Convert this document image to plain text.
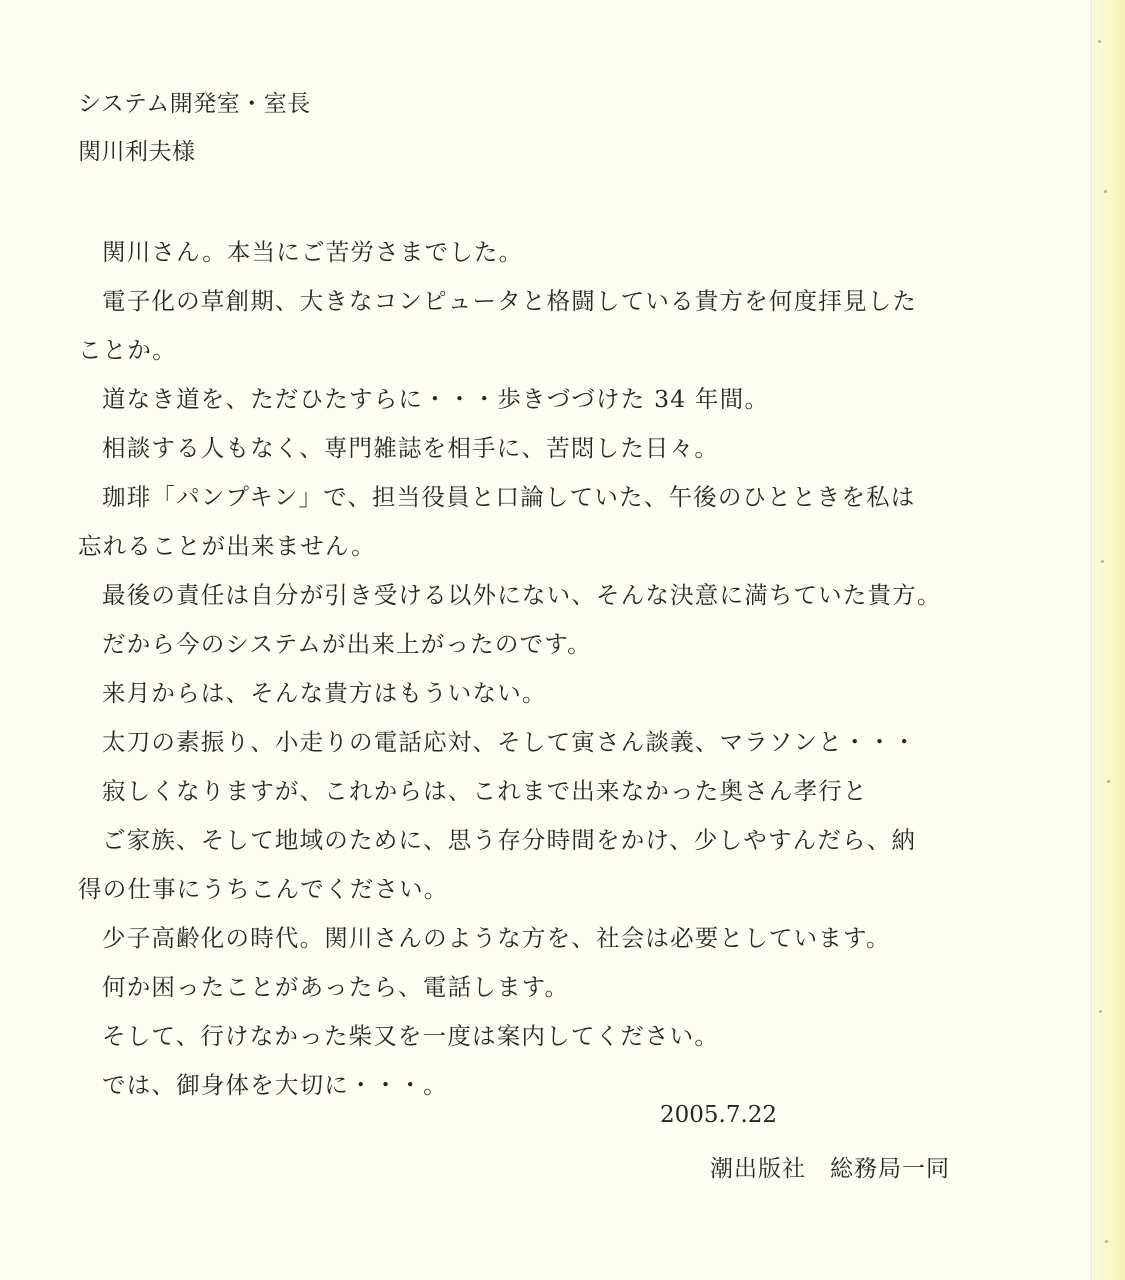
システム開発室・室長
関川利夫様

関川さん。本当にご苦労さまでした。

電子化の草創期、大きなコンピュータと格闘している貴方を何度拝見した

ことか。

道なき道を、ただひたすらに・・・歩きづづけた 34 年間。

相談する人もなく、専門雑誌を相手に、苦悶した日々。

珈琲「パンプキン」で、担当役員と口論していた、午後のひとときを私は

忘れることが出来ません。

最後の責任は自分が引き受ける以外にない、そんな決意に満ちていた貴方。

だから今のシステムが出来上がったのです。

来月からは、そんな貴方はもういない。

太刀の素振り、小走りの電話応対、そして寅さん談義、マラソンと・・・

寂しくなりますが、これからは、これまで出来なかった奥さん孝行と

ご家族、そして地域のために、思う存分時間をかけ、少しやすんだら、納

得の仕事にうちこんでください。

少子高齢化の時代。関川さんのような方を、社会は必要としています。

何か困ったことがあったら、電話します。

そして、行けなかった柴又を一度は案内してください。

では、御身体を大切に・・・。

2005.7.22
潮出版社　総務局一同
